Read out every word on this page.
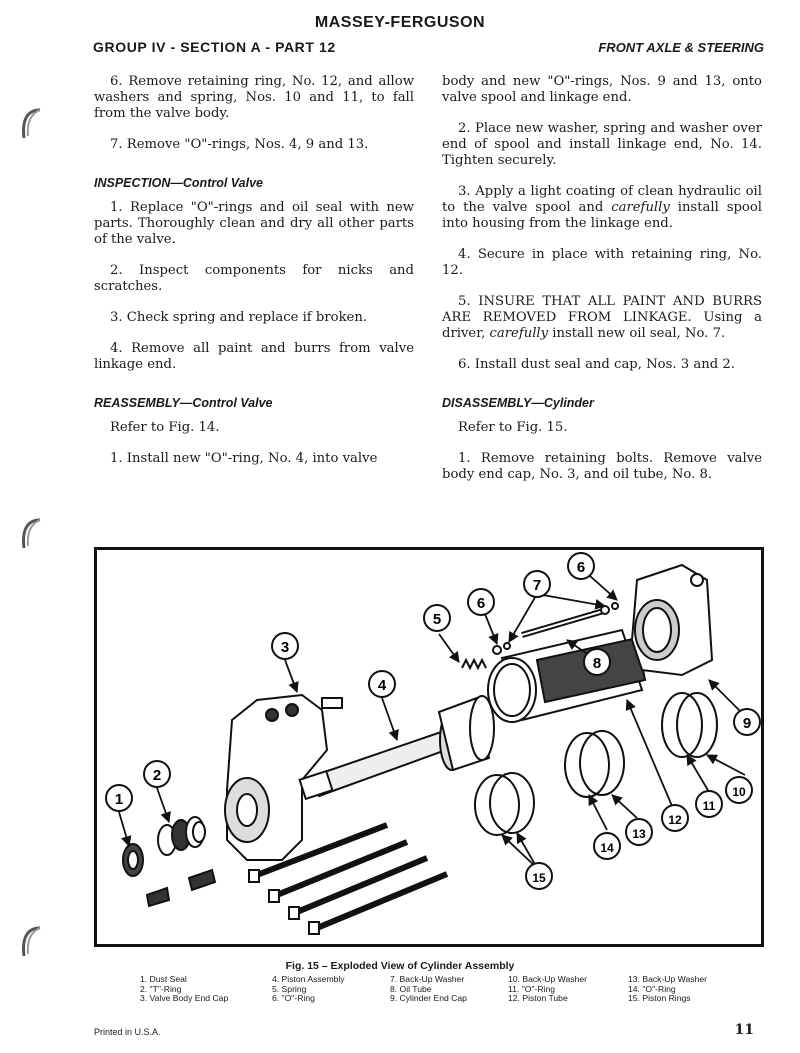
MASSEY-FERGUSON
GROUP IV - SECTION A - PART 12	FRONT AXLE & STEERING

6. Remove retaining ring, No. 12, and allow washers and spring, Nos. 10 and 11, to fall from the valve body.

7. Remove "O"-rings, Nos. 4, 9 and 13.

INSPECTION—Control Valve

1. Replace "O"-rings and oil seal with new parts. Thoroughly clean and dry all other parts of the valve.

2. Inspect components for nicks and scratches.

3. Check spring and replace if broken.

4. Remove all paint and burrs from valve linkage end.

REASSEMBLY—Control Valve

Refer to Fig. 14.

1. Install new "O"-ring, No. 4, into valve

body and new "O"-rings, Nos. 9 and 13, onto valve spool and linkage end.

2. Place new washer, spring and washer over end of spool and install linkage end, No. 14. Tighten securely.

3. Apply a light coating of clean hydraulic oil to the valve spool and carefully install spool into housing from the linkage end.

4. Secure in place with retaining ring, No. 12.

5. INSURE THAT ALL PAINT AND BURRS ARE REMOVED FROM LINKAGE. Using a driver, carefully install new oil seal, No. 7.

6. Install dust seal and cap, Nos. 3 and 2.

DISASSEMBLY—Cylinder

Refer to Fig. 15.

1. Remove retaining bolts. Remove valve body end cap, No. 3, and oil tube, No. 8.

1
2
3
4
5
6
6
7
8
9
10
11
12
13
14
15
Fig. 15 – Exploded View of Cylinder Assembly
1. Dust Seal
2. "T"-Ring
3. Valve Body End Cap
4. Piston Assembly
5. Spring
6. "O"-Ring
7. Back-Up Washer
8. Oil Tube
9. Cylinder End Cap
10. Back-Up Washer
11. "O"-Ring
12. Piston Tube
13. Back-Up Washer
14. "O"-Ring
15. Piston Rings
Printed in U.S.A.	11
